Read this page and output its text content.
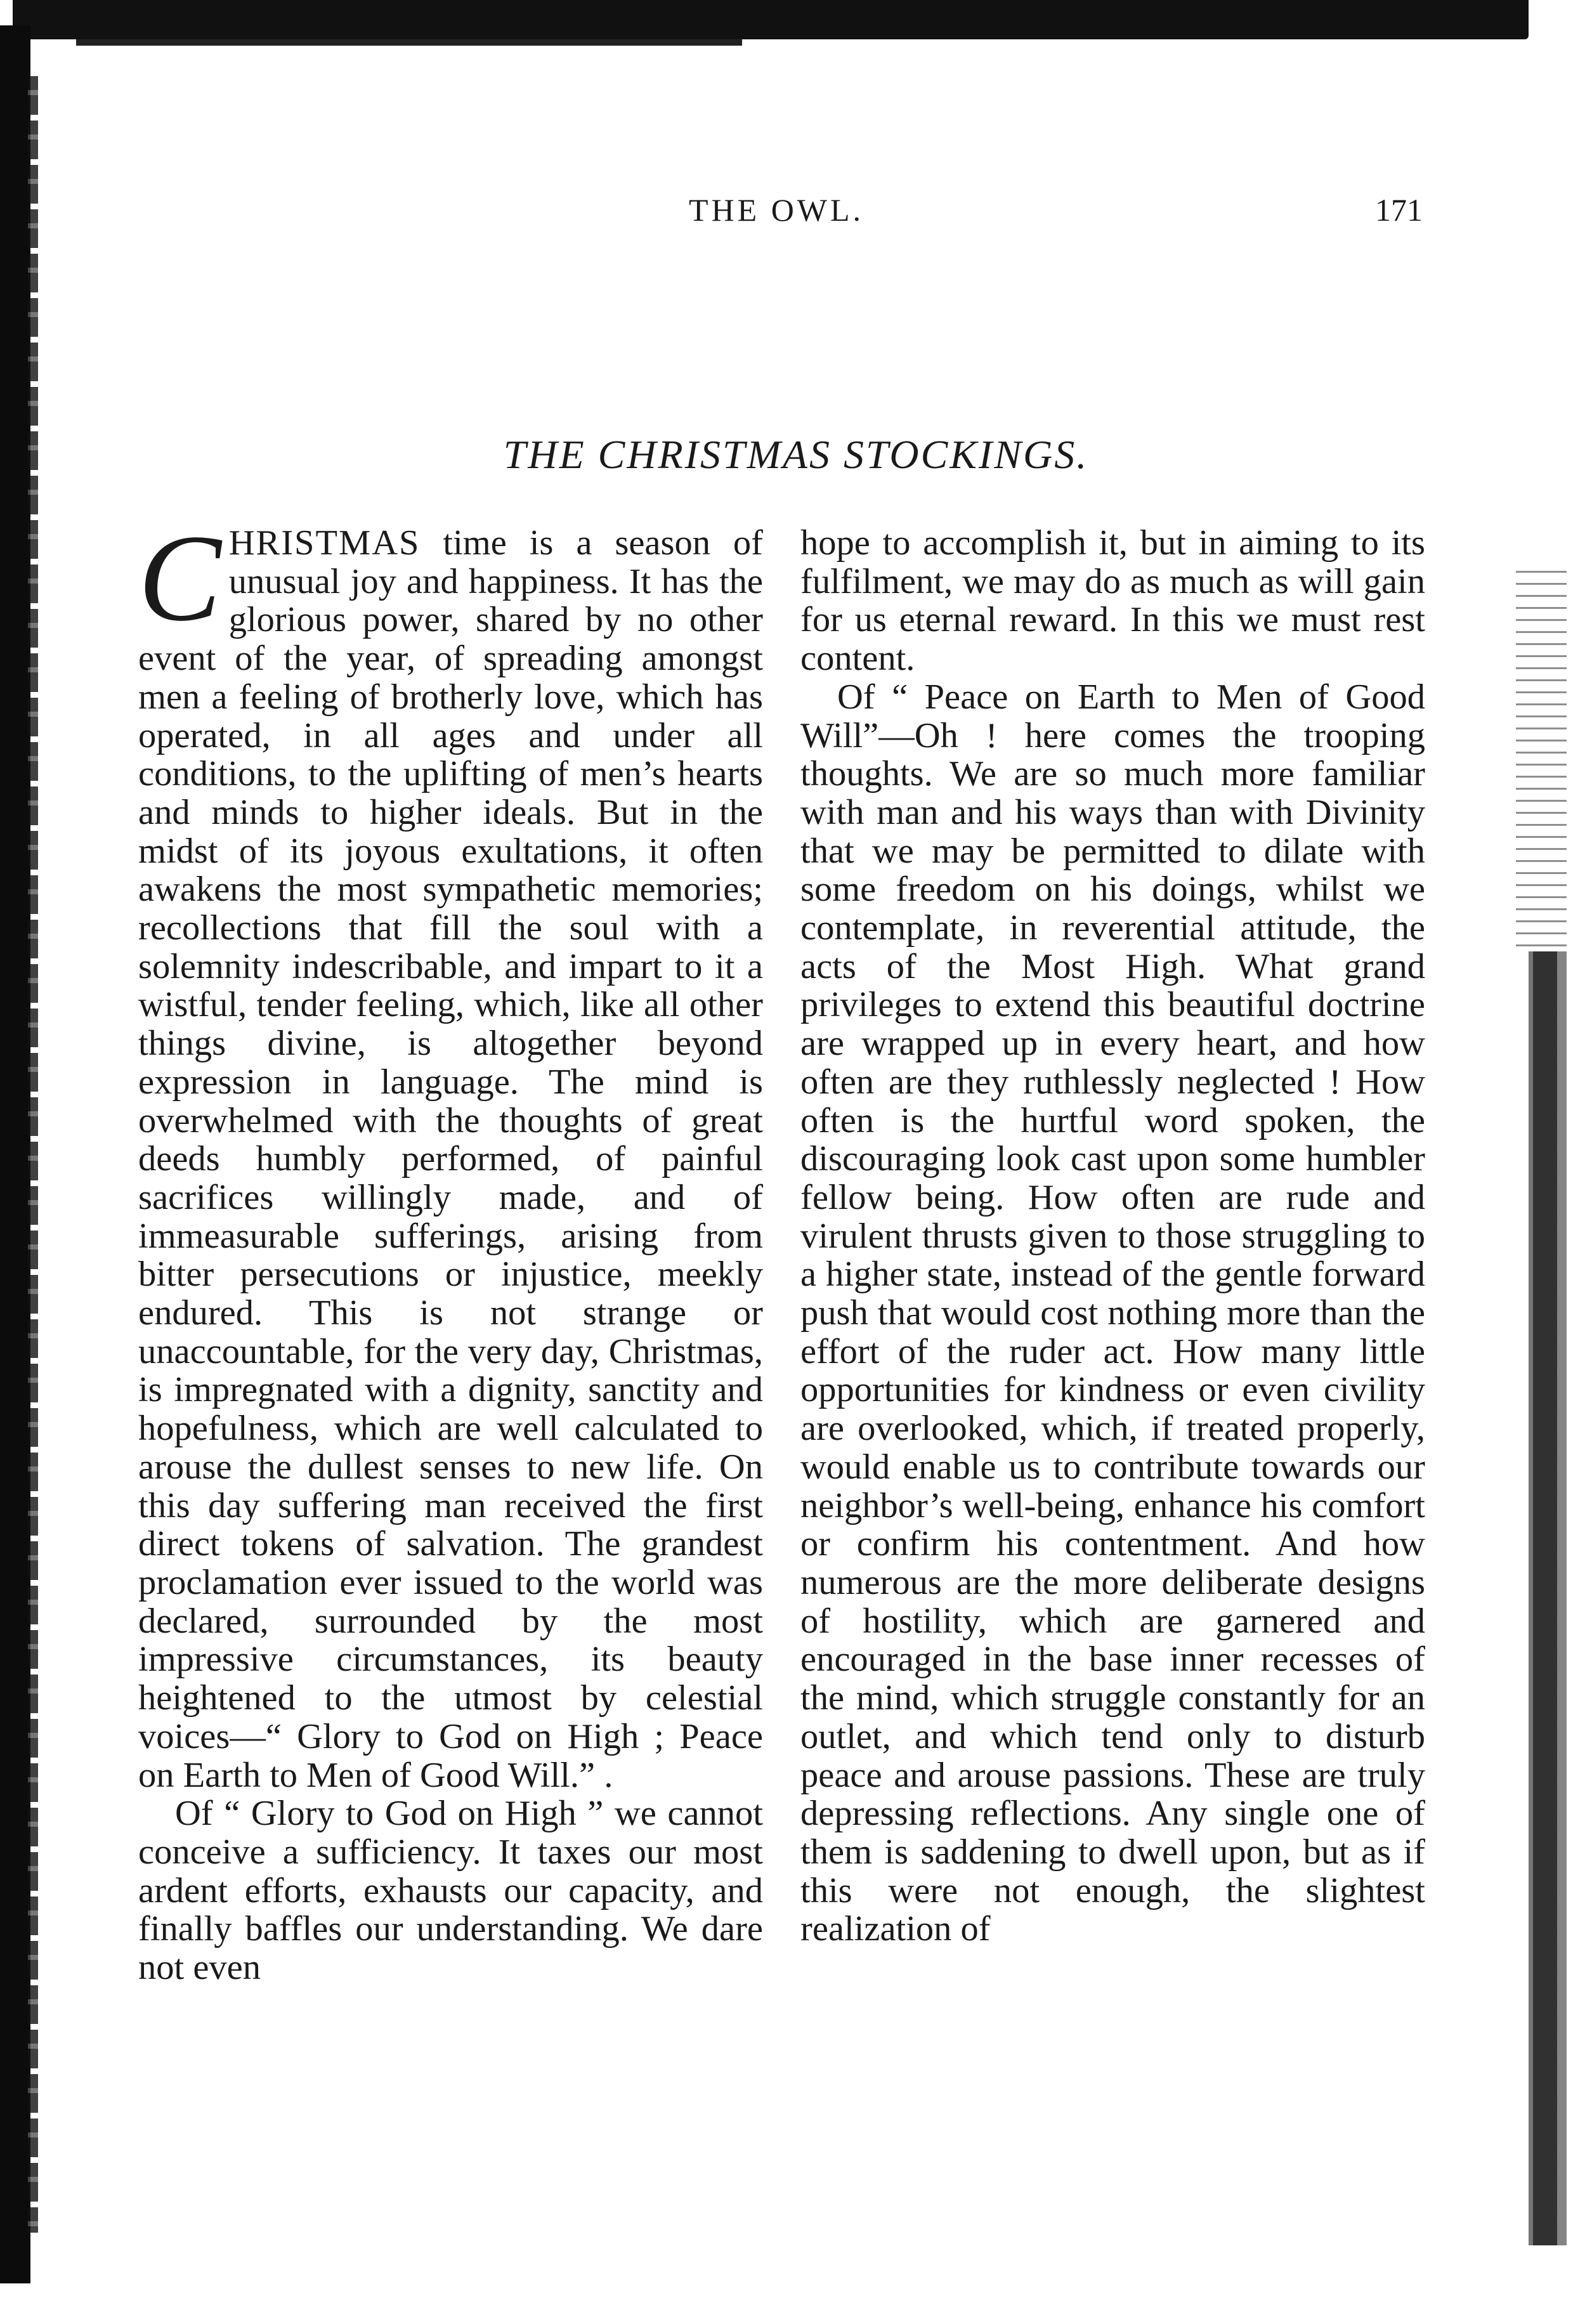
THE OWL.	171
THE CHRISTMAS STOCKINGS.

C HRISTMAS time is a season of unusual joy and happiness. It has the glorious power, shared by no other event of the year, of spreading amongst men a feeling of brotherly love, which has operated, in all ages and under all conditions, to the uplifting of men’s hearts and minds to higher ideals. But in the midst of its joyous exultations, it often awakens the most sympathetic memories; recollections that fill the soul with a solemnity indescribable, and impart to it a wistful, tender feeling, which, like all other things divine, is altogether beyond expression in language. The mind is overwhelmed with the thoughts of great deeds humbly performed, of painful sacrifices willingly made, and of immeasurable sufferings, arising from bitter persecutions or injustice, meekly endured. This is not strange or unaccountable, for the very day, Christmas, is impregnated with a dignity, sanctity and hopefulness, which are well calculated to arouse the dullest senses to new life. On this day suffering man received the first direct tokens of salvation. The grandest proclamation ever issued to the world was declared, surrounded by the most impressive circumstances, its beauty heightened to the utmost by celestial voices—“ Glory to God on High ; Peace on Earth to Men of Good Will.” .

Of “ Glory to God on High ” we cannot conceive a sufficiency. It taxes our most ardent efforts, exhausts our capacity, and finally baffles our understanding. We dare not even

hope to accomplish it, but in aiming to its fulfilment, we may do as much as will gain for us eternal reward. In this we must rest content.

Of “ Peace on Earth to Men of Good Will”—Oh ! here comes the trooping thoughts. We are so much more familiar with man and his ways than with Divinity that we may be permitted to dilate with some freedom on his doings, whilst we contemplate, in reverential attitude, the acts of the Most High. What grand privileges to extend this beautiful doctrine are wrapped up in every heart, and how often are they ruthlessly neglected ! How often is the hurtful word spoken, the discouraging look cast upon some humbler fellow being. How often are rude and virulent thrusts given to those struggling to a higher state, instead of the gentle forward push that would cost nothing more than the effort of the ruder act. How many little opportunities for kindness or even civility are overlooked, which, if treated properly, would enable us to contribute towards our neighbor’s well-being, enhance his comfort or confirm his contentment. And how numerous are the more deliberate designs of hostility, which are garnered and encouraged in the base inner recesses of the mind, which struggle constantly for an outlet, and which tend only to disturb peace and arouse passions. These are truly depressing reflections. Any single one of them is saddening to dwell upon, but as if this were not enough, the slightest realization of
